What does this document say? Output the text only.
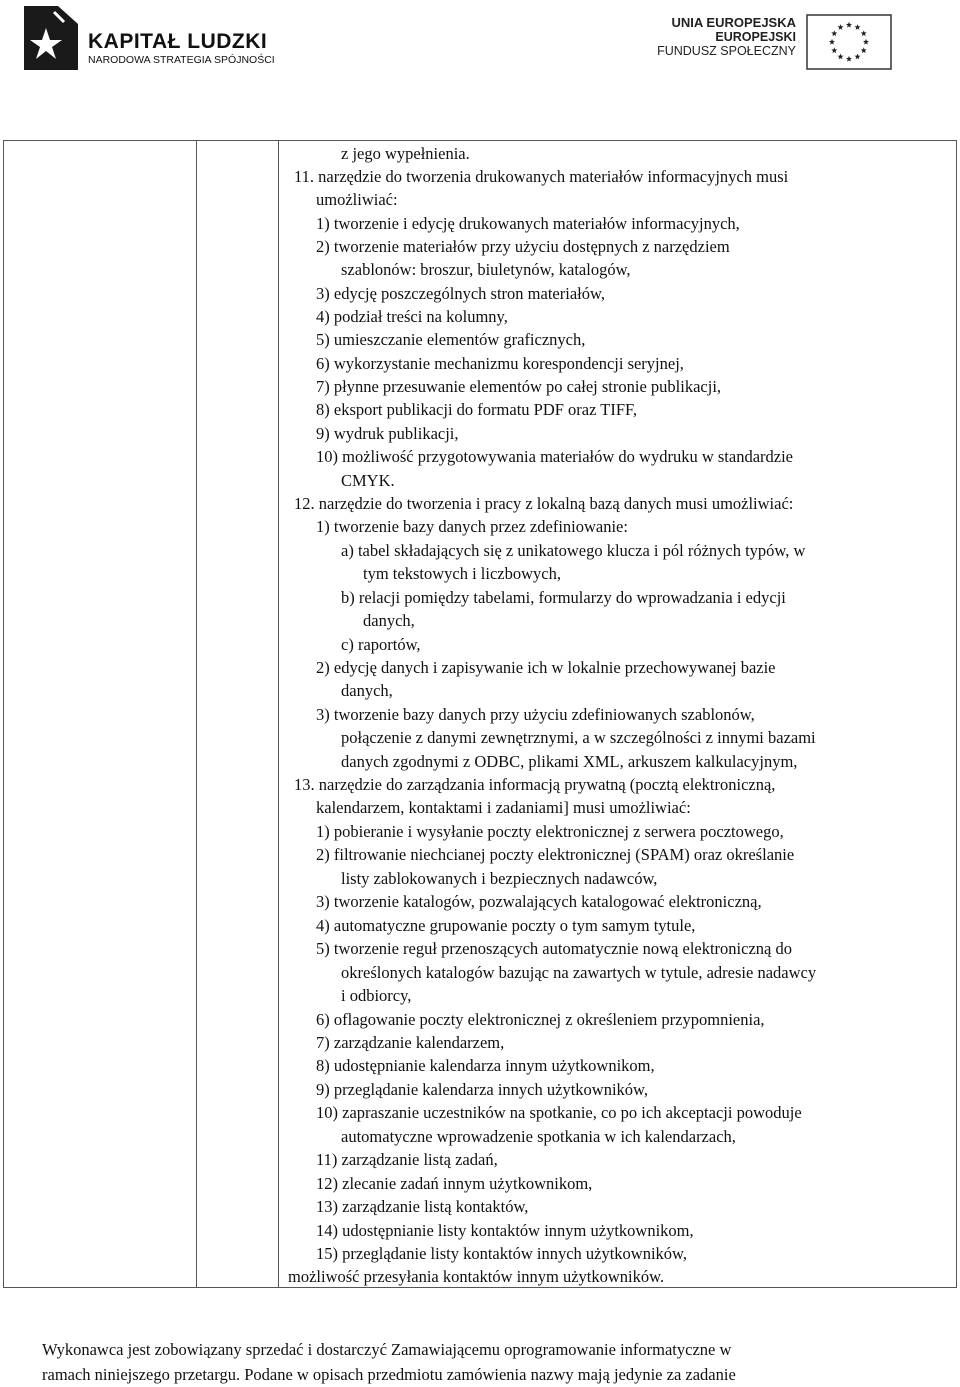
KAPITAŁ LUDZKI
NARODOWA STRATEGIA SPÓJNOŚCI
UNIA EUROPEJSKA
EUROPEJSKI
FUNDUSZ SPOŁECZNY
z jego wypełnienia.
11. narzędzie do tworzenia drukowanych materiałów informacyjnych musi
umożliwiać:
1) tworzenie i edycję drukowanych materiałów informacyjnych,
2) tworzenie materiałów przy użyciu dostępnych z narzędziem
szablonów: broszur, biuletynów, katalogów,
3) edycję poszczególnych stron materiałów,
4) podział treści na kolumny,
5) umieszczanie elementów graficznych,
6) wykorzystanie mechanizmu korespondencji seryjnej,
7) płynne przesuwanie elementów po całej stronie publikacji,
8) eksport publikacji do formatu PDF oraz TIFF,
9) wydruk publikacji,
10) możliwość przygotowywania materiałów do wydruku w standardzie
CMYK.
12. narzędzie do tworzenia i pracy z lokalną bazą danych musi umożliwiać:
1) tworzenie bazy danych przez zdefiniowanie:
a) tabel składających się z unikatowego klucza i pól różnych typów, w
tym tekstowych i liczbowych,
b) relacji pomiędzy tabelami, formularzy do wprowadzania i edycji
danych,
c) raportów,
2) edycję danych i zapisywanie ich w lokalnie przechowywanej bazie
danych,
3) tworzenie bazy danych przy użyciu zdefiniowanych szablonów,
połączenie z danymi zewnętrznymi, a w szczególności z innymi bazami
danych zgodnymi z ODBC, plikami XML, arkuszem kalkulacyjnym,
13. narzędzie do zarządzania informacją prywatną (pocztą elektroniczną,
kalendarzem, kontaktami i zadaniami] musi umożliwiać:
1) pobieranie i wysyłanie poczty elektronicznej z serwera pocztowego,
2) filtrowanie niechcianej poczty elektronicznej (SPAM) oraz określanie
listy zablokowanych i bezpiecznych nadawców,
3) tworzenie katalogów, pozwalających katalogować elektroniczną,
4) automatyczne grupowanie poczty o tym samym tytule,
5) tworzenie reguł przenoszących automatycznie nową elektroniczną do
określonych katalogów bazując na zawartych w tytule, adresie nadawcy
i odbiorcy,
6) oflagowanie poczty elektronicznej z określeniem przypomnienia,
7) zarządzanie kalendarzem,
8) udostępnianie kalendarza innym użytkownikom,
9) przeglądanie kalendarza innych użytkowników,
10) zapraszanie uczestników na spotkanie, co po ich akceptacji powoduje
automatyczne wprowadzenie spotkania w ich kalendarzach,
11) zarządzanie listą zadań,
12) zlecanie zadań innym użytkownikom,
13) zarządzanie listą kontaktów,
14) udostępnianie listy kontaktów innym użytkownikom,
15) przeglądanie listy kontaktów innych użytkowników,
możliwość przesyłania kontaktów innym użytkowników.
Wykonawca jest zobowiązany sprzedać i dostarczyć Zamawiającemu oprogramowanie informatyczne w
ramach niniejszego przetargu. Podane w opisach przedmiotu zamówienia nazwy mają jedynie za zadanie
